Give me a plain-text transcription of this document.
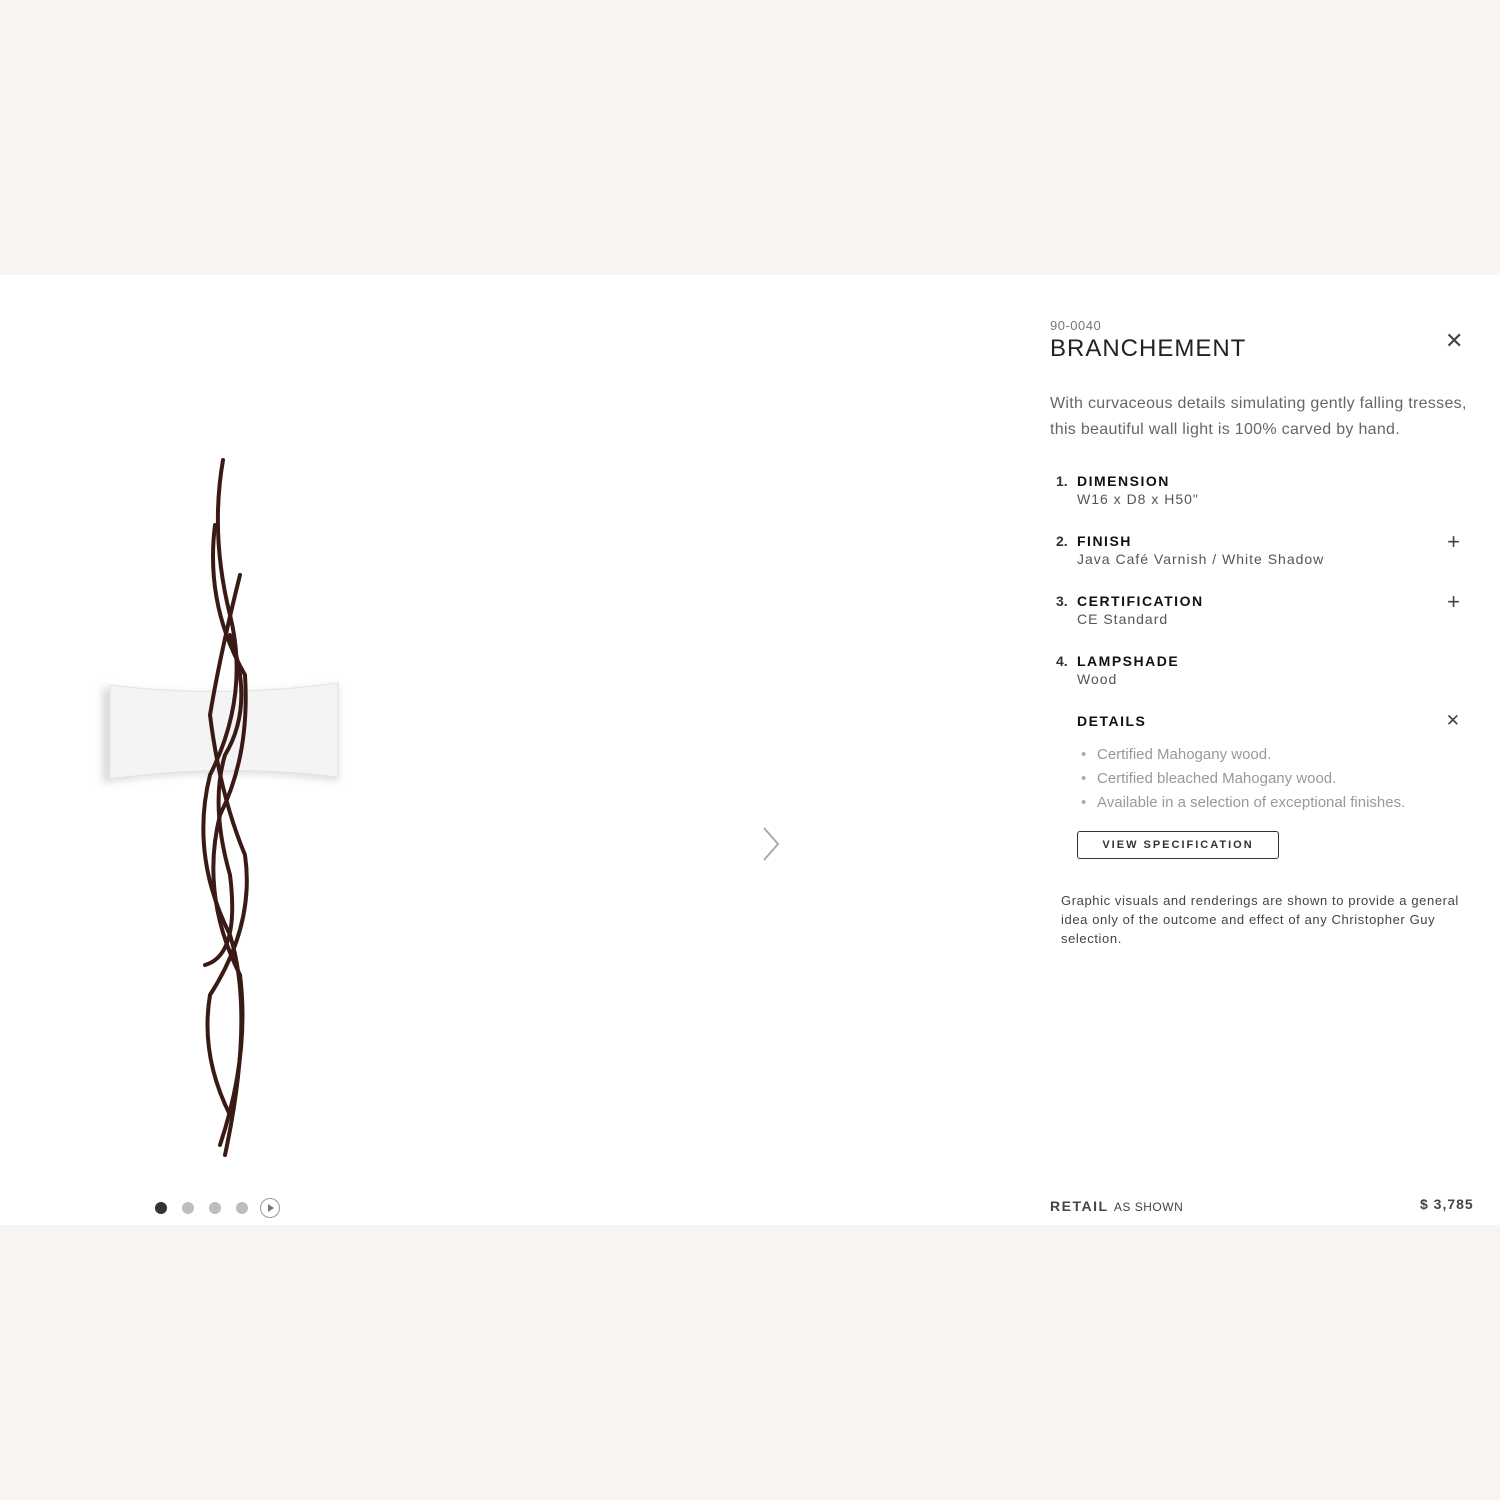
✕
90-0040
BRANCHEMENT
With curvaceous details simulating gently falling tresses, this beautiful wall light is 100% carved by hand.
1. DIMENSION
W16 x D8 x H50"
2. FINISH
Java Café Varnish / White Shadow
+
3. CERTIFICATION
CE Standard
+
4. LAMPSHADE
Wood
DETAILS	✕
• Certified Mahogany wood.
• Certified bleached Mahogany wood.
• Available in a selection of exceptional finishes.
VIEW SPECIFICATION
Graphic visuals and renderings are shown to provide a general idea only of the outcome and effect of any Christopher Guy selection.
RETAIL AS SHOWN	$ 3,785
